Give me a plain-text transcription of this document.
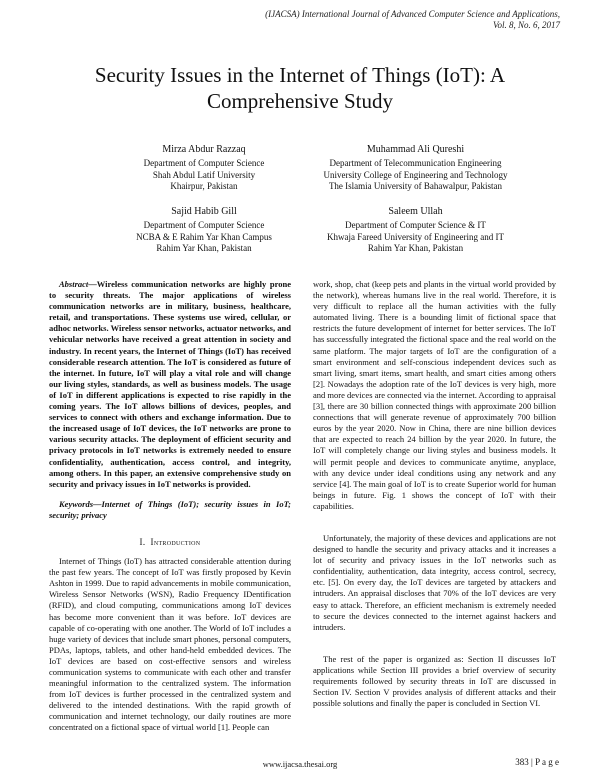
(IJACSA) International Journal of Advanced Computer Science and Applications,
Vol. 8, No. 6, 2017
Security Issues in the Internet of Things (IoT): A
Comprehensive Study
Mirza Abdur Razzaq
Department of Computer Science
Shah Abdul Latif University
Khairpur, Pakistan
Muhammad Ali Qureshi
Department of Telecommunication Engineering
University College of Engineering and Technology
The Islamia University of Bahawalpur, Pakistan
Sajid Habib Gill
Department of Computer Science
NCBA & E Rahim Yar Khan Campus
Rahim Yar Khan, Pakistan
Saleem Ullah
Department of Computer Science & IT
Khwaja Fareed University of Engineering and IT
Rahim Yar Khan, Pakistan

Abstract—Wireless communication networks are highly prone to security threats. The major applications of wireless communication networks are in military, business, healthcare, retail, and transportations. These systems use wired, cellular, or adhoc networks. Wireless sensor networks, actuator networks, and vehicular networks have received a great attention in society and industry. In recent years, the Internet of Things (IoT) has received considerable research attention. The IoT is considered as future of the internet. In future, IoT will play a vital role and will change our living styles, standards, as well as business models. The usage of IoT in different applications is expected to rise rapidly in the coming years. The IoT allows billions of devices, peoples, and services to connect with others and exchange information. Due to the increased usage of IoT devices, the IoT networks are prone to various security attacks. The deployment of efficient security and privacy protocols in IoT networks is extremely needed to ensure confidentiality, authentication, access control, and integrity, among others. In this paper, an extensive comprehensive study on security and privacy issues in IoT networks is provided.

Keywords—Internet of Things (IoT); security issues in IoT; security; privacy

I. Introduction

Internet of Things (IoT) has attracted considerable attention during the past few years. The concept of IoT was firstly proposed by Kevin Ashton in 1999. Due to rapid advancements in mobile communication, Wireless Sensor Networks (WSN), Radio Frequency IDentification (RFID), and cloud computing, communications among IoT devices has become more convenient than it was before. IoT devices are capable of co-operating with one another. The World of IoT includes a huge variety of devices that include smart phones, personal computers, PDAs, laptops, tablets, and other hand-held embedded devices. The IoT devices are based on cost-effective sensors and wireless communication systems to communicate with each other and transfer meaningful information to the centralized system. The information from IoT devices is further processed in the centralized system and delivered to the intended destinations. With the rapid growth of communication and internet technology, our daily routines are more concentrated on a fictional space of virtual world [1]. People can

work, shop, chat (keep pets and plants in the virtual world provided by the network), whereas humans live in the real world. Therefore, it is very difficult to replace all the human activities with the fully automated living. There is a bounding limit of fictional space that restricts the future development of internet for better services. The IoT has successfully integrated the fictional space and the real world on the same platform. The major targets of IoT are the configuration of a smart environment and self-conscious independent devices such as smart living, smart items, smart health, and smart cities among others [2]. Nowadays the adoption rate of the IoT devices is very high, more and more devices are connected via the internet. According to appraisal [3], there are 30 billion connected things with approximate 200 billion connections that will generate revenue of approximately 700 billion euros by the year 2020. Now in China, there are nine billion devices that are expected to reach 24 billion by the year 2020. In future, the IoT will completely change our living styles and business models. It will permit people and devices to communicate anytime, anyplace, with any device under ideal conditions using any network and any service [4]. The main goal of IoT is to create Superior world for human beings in future. Fig. 1 shows the concept of IoT with their capabilities.

Unfortunately, the majority of these devices and applications are not designed to handle the security and privacy attacks and it increases a lot of security and privacy issues in the IoT networks such as confidentiality, authentication, data integrity, access control, secrecy, etc. [5]. On every day, the IoT devices are targeted by attackers and intruders. An appraisal discloses that 70% of the IoT devices are very easy to attack. Therefore, an efficient mechanism is extremely needed to secure the devices connected to the internet against hackers and intruders.

The rest of the paper is organized as: Section II discusses IoT applications while Section III provides a brief overview of security requirements followed by security threats in IoT are discussed in Section IV. Section V provides analysis of different attacks and their possible solutions and finally the paper is concluded in Section VI.

www.ijacsa.thesai.org	383 | P a g e
